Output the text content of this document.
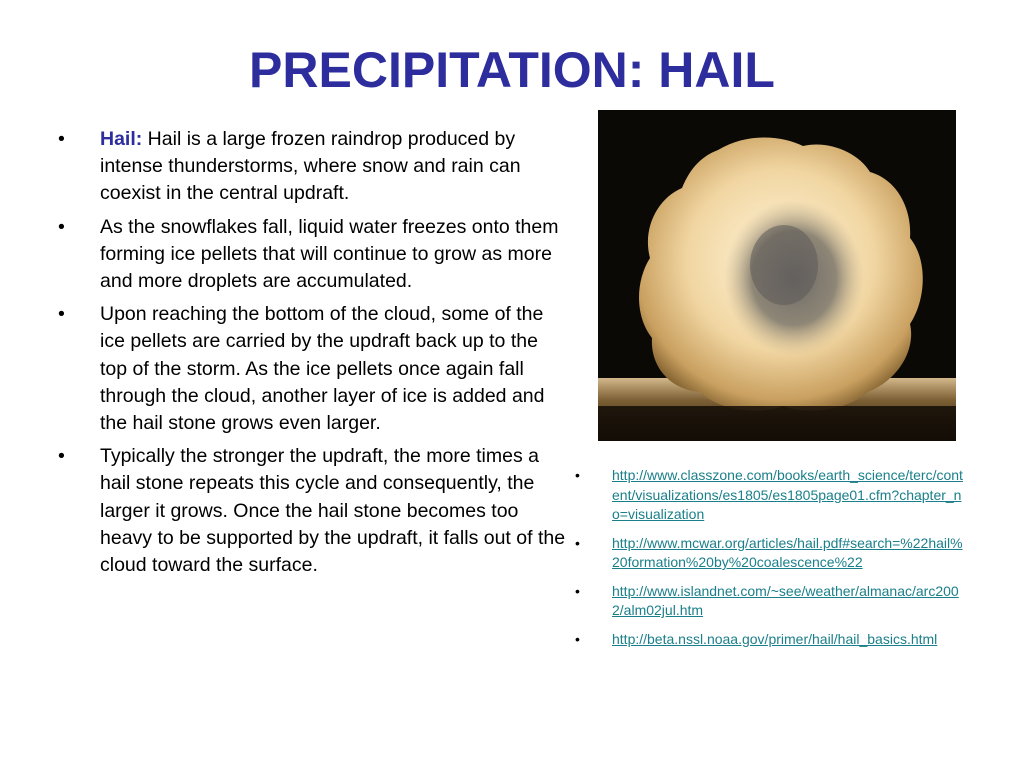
PRECIPITATION: HAIL
• Hail: Hail is a large frozen raindrop produced by intense thunderstorms, where snow and rain can coexist in the central updraft.
• As the snowflakes fall, liquid water freezes onto them forming ice pellets that will continue to grow as more and more droplets are accumulated.
• Upon reaching the bottom of the cloud, some of the ice pellets are carried by the updraft back up to the top of the storm. As the ice pellets once again fall through the cloud, another layer of ice is added and the hail stone grows even larger.
• Typically the stronger the updraft, the more times a hail stone repeats this cycle and consequently, the larger it grows. Once the hail stone becomes too heavy to be supported by the updraft, it falls out of the cloud toward the surface.
• http://www.classzone.com/books/earth_science/terc/content/visualizations/es1805/es1805page01.cfm?chapter_no=visualization
• http://www.mcwar.org/articles/hail.pdf#search=%22hail%20formation%20by%20coalescence%22
• http://www.islandnet.com/~see/weather/almanac/arc2002/alm02jul.htm
• http://beta.nssl.noaa.gov/primer/hail/hail_basics.html
